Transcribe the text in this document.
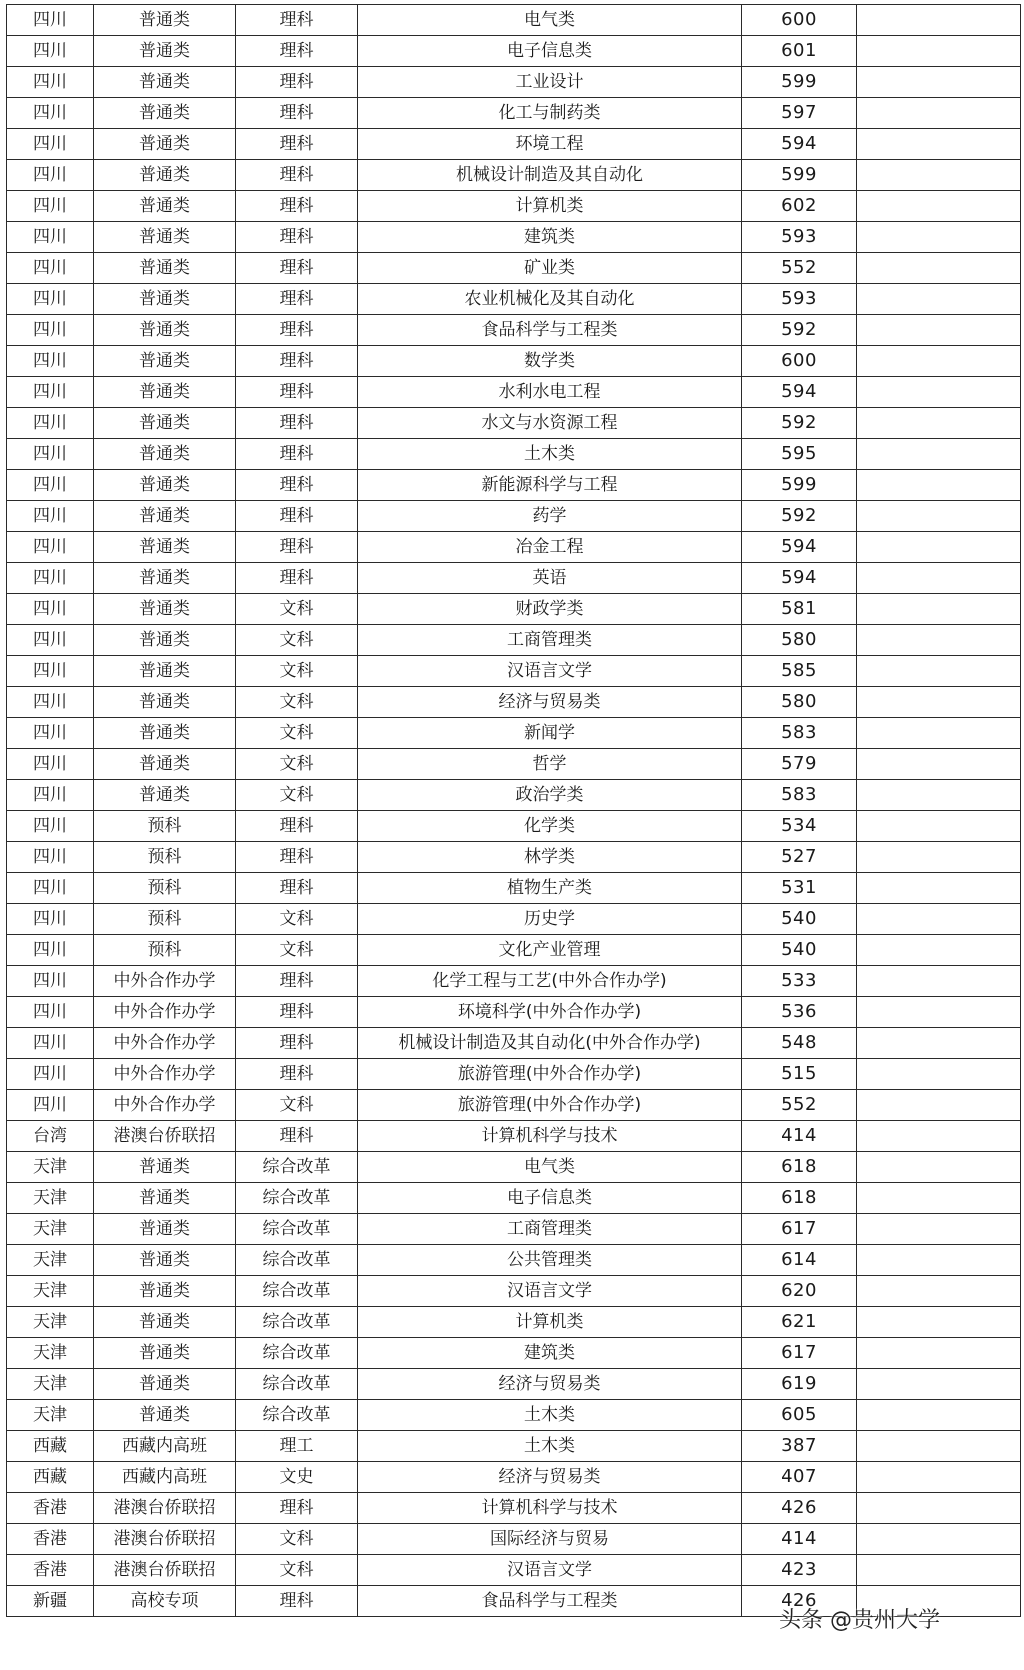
四川	普通类	理科	电气类	600	
四川	普通类	理科	电子信息类	601	
四川	普通类	理科	工业设计	599	
四川	普通类	理科	化工与制药类	597	
四川	普通类	理科	环境工程	594	
四川	普通类	理科	机械设计制造及其自动化	599	
四川	普通类	理科	计算机类	602	
四川	普通类	理科	建筑类	593	
四川	普通类	理科	矿业类	552	
四川	普通类	理科	农业机械化及其自动化	593	
四川	普通类	理科	食品科学与工程类	592	
四川	普通类	理科	数学类	600	
四川	普通类	理科	水利水电工程	594	
四川	普通类	理科	水文与水资源工程	592	
四川	普通类	理科	土木类	595	
四川	普通类	理科	新能源科学与工程	599	
四川	普通类	理科	药学	592	
四川	普通类	理科	冶金工程	594	
四川	普通类	理科	英语	594	
四川	普通类	文科	财政学类	581	
四川	普通类	文科	工商管理类	580	
四川	普通类	文科	汉语言文学	585	
四川	普通类	文科	经济与贸易类	580	
四川	普通类	文科	新闻学	583	
四川	普通类	文科	哲学	579	
四川	普通类	文科	政治学类	583	
四川	预科	理科	化学类	534	
四川	预科	理科	林学类	527	
四川	预科	理科	植物生产类	531	
四川	预科	文科	历史学	540	
四川	预科	文科	文化产业管理	540	
四川	中外合作办学	理科	化学工程与工艺(中外合作办学)	533	
四川	中外合作办学	理科	环境科学(中外合作办学)	536	
四川	中外合作办学	理科	机械设计制造及其自动化(中外合作办学)	548	
四川	中外合作办学	理科	旅游管理(中外合作办学)	515	
四川	中外合作办学	文科	旅游管理(中外合作办学)	552	
台湾	港澳台侨联招	理科	计算机科学与技术	414	
天津	普通类	综合改革	电气类	618	
天津	普通类	综合改革	电子信息类	618	
天津	普通类	综合改革	工商管理类	617	
天津	普通类	综合改革	公共管理类	614	
天津	普通类	综合改革	汉语言文学	620	
天津	普通类	综合改革	计算机类	621	
天津	普通类	综合改革	建筑类	617	
天津	普通类	综合改革	经济与贸易类	619	
天津	普通类	综合改革	土木类	605	
西藏	西藏内高班	理工	土木类	387	
西藏	西藏内高班	文史	经济与贸易类	407	
香港	港澳台侨联招	理科	计算机科学与技术	426	
香港	港澳台侨联招	文科	国际经济与贸易	414	
香港	港澳台侨联招	文科	汉语言文学	423	
新疆	高校专项	理科	食品科学与工程类	426	
头条 @贵州大学
